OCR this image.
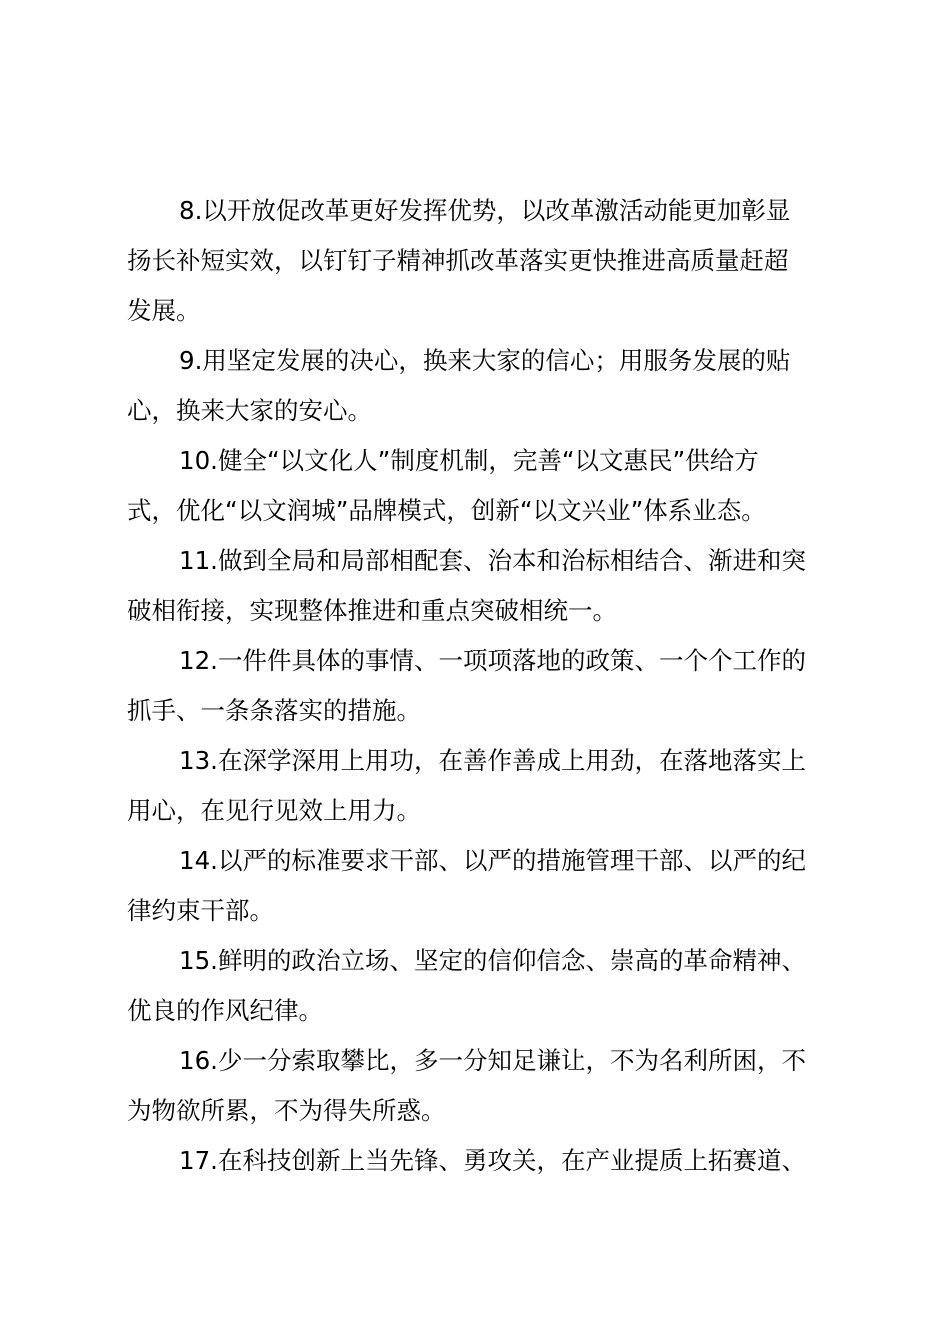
8.以开放促改革更好发挥优势，以改革激活动能更加彰显
扬长补短实效，以钉钉子精神抓改革落实更快推进高质量赶超
发展。
9.用坚定发展的决心，换来大家的信心；用服务发展的贴
心，换来大家的安心。
10.健全“以文化人”制度机制，完善“以文惠民”供给方
式，优化“以文润城”品牌模式，创新“以文兴业”体系业态。
11.做到全局和局部相配套、治本和治标相结合、渐进和突
破相衔接，实现整体推进和重点突破相统一。
12.一件件具体的事情、一项项落地的政策、一个个工作的
抓手、一条条落实的措施。
13.在深学深用上用功，在善作善成上用劲，在落地落实上
用心，在见行见效上用力。
14.以严的标准要求干部、以严的措施管理干部、以严的纪
律约束干部。
15.鲜明的政治立场、坚定的信仰信念、崇高的革命精神、
优良的作风纪律。
16.少一分索取攀比，多一分知足谦让，不为名利所困，不
为物欲所累，不为得失所惑。
17.在科技创新上当先锋、勇攻关，在产业提质上拓赛道、
